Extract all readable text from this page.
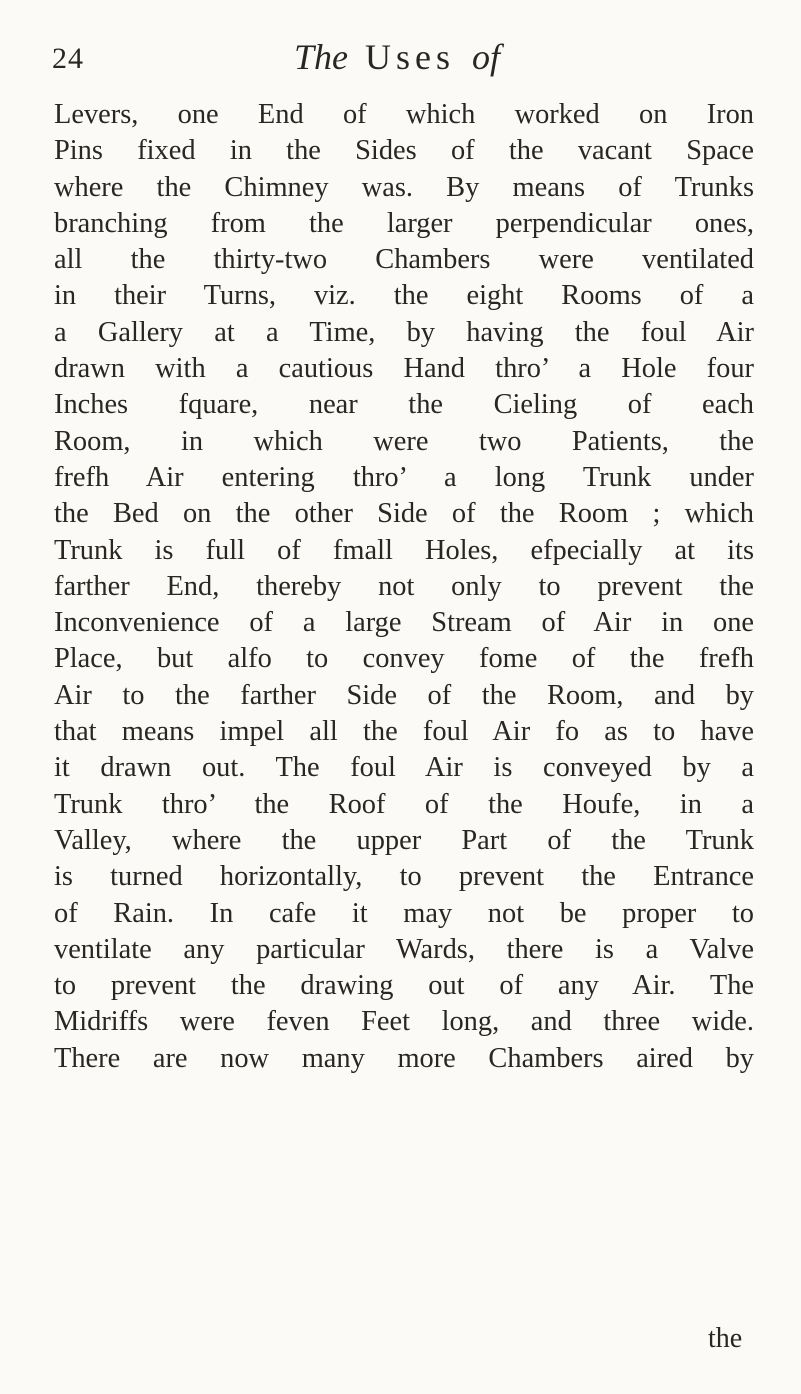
24	The Uses of
Levers, one End of which worked on Iron
Pins fixed in the Sides of the vacant Space
where the Chimney was. By means of Trunks
branching from the larger perpendicular ones,
all the thirty-two Chambers were ventilated
in their Turns, viz. the eight Rooms of a
a Gallery at a Time, by having the foul Air
drawn with a cautious Hand thro’ a Hole four
Inches fquare, near the Cieling of each
Room, in which were two Patients, the
frefh Air entering thro’ a long Trunk under
the Bed on the other Side of the Room ; which
Trunk is full of fmall Holes, efpecially at its
farther End, thereby not only to prevent the
Inconvenience of a large Stream of Air in one
Place, but alfo to convey fome of the frefh
Air to the farther Side of the Room, and by
that means impel all the foul Air fo as to have
it drawn out. The foul Air is conveyed by a
Trunk thro’ the Roof of the Houfe, in a
Valley, where the upper Part of the Trunk
is turned horizontally, to prevent the Entrance
of Rain. In cafe it may not be proper to
ventilate any particular Wards, there is a Valve
to prevent the drawing out of any Air. The
Midriffs were feven Feet long, and three wide.
There are now many more Chambers aired by
the
